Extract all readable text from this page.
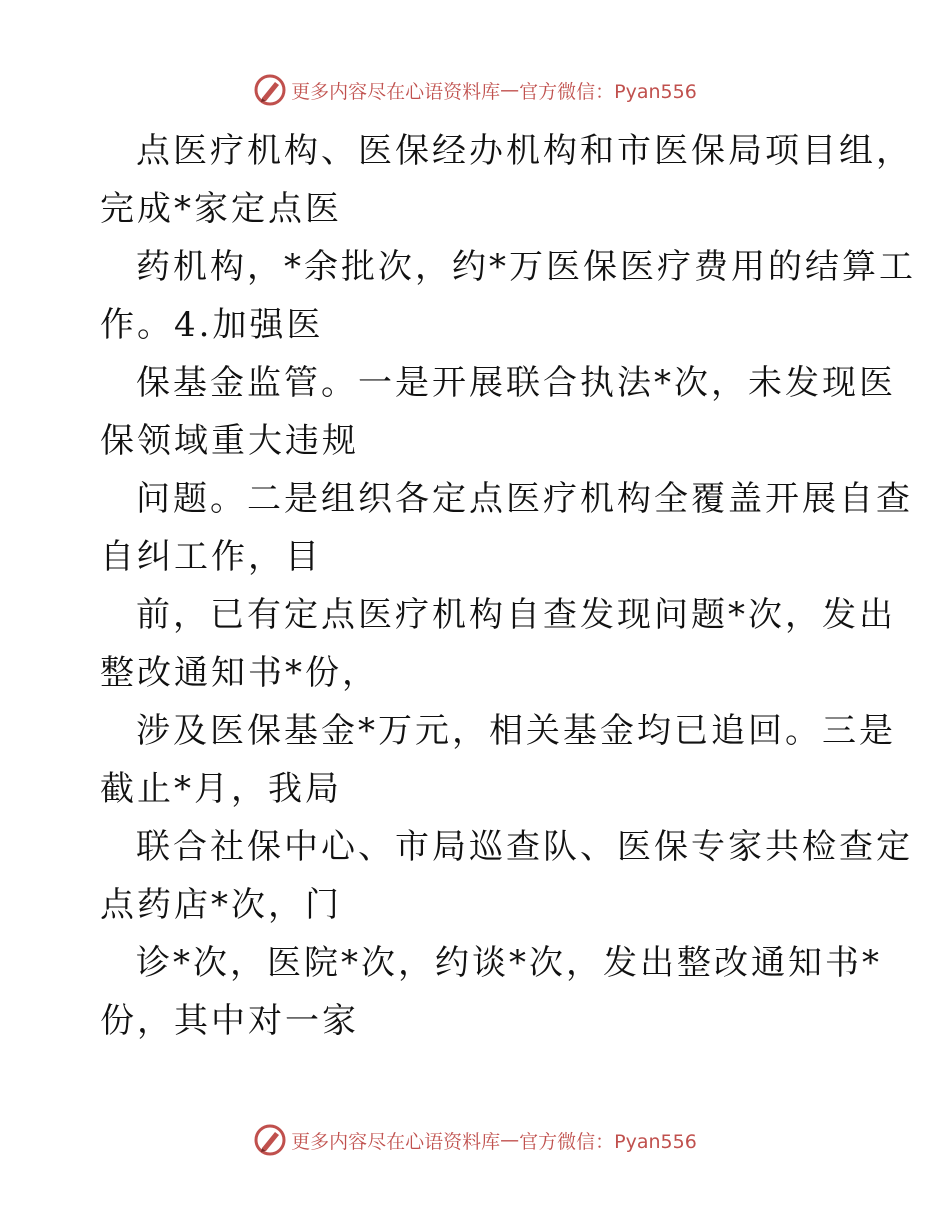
更多内容尽在心语资料库 — 官方微信：Pyan556
点医疗机构、医保经办机构和市医保局项目组，
完成*家定点医
药机构，*余批次，约*万医保医疗费用的结算工
作。4.加强医
保基金监管。一是开展联合执法*次，未发现医
保领域重大违规
问题。二是组织各定点医疗机构全覆盖开展自查
自纠工作，目
前，已有定点医疗机构自查发现问题*次，发出
整改通知书*份，
涉及医保基金*万元，相关基金均已追回。三是
截止*月，我局
联合社保中心、市局巡查队、医保专家共检查定
点药店*次，门
诊*次，医院*次，约谈*次，发出整改通知书*
份，其中对一家
更多内容尽在心语资料库 — 官方微信：Pyan556
